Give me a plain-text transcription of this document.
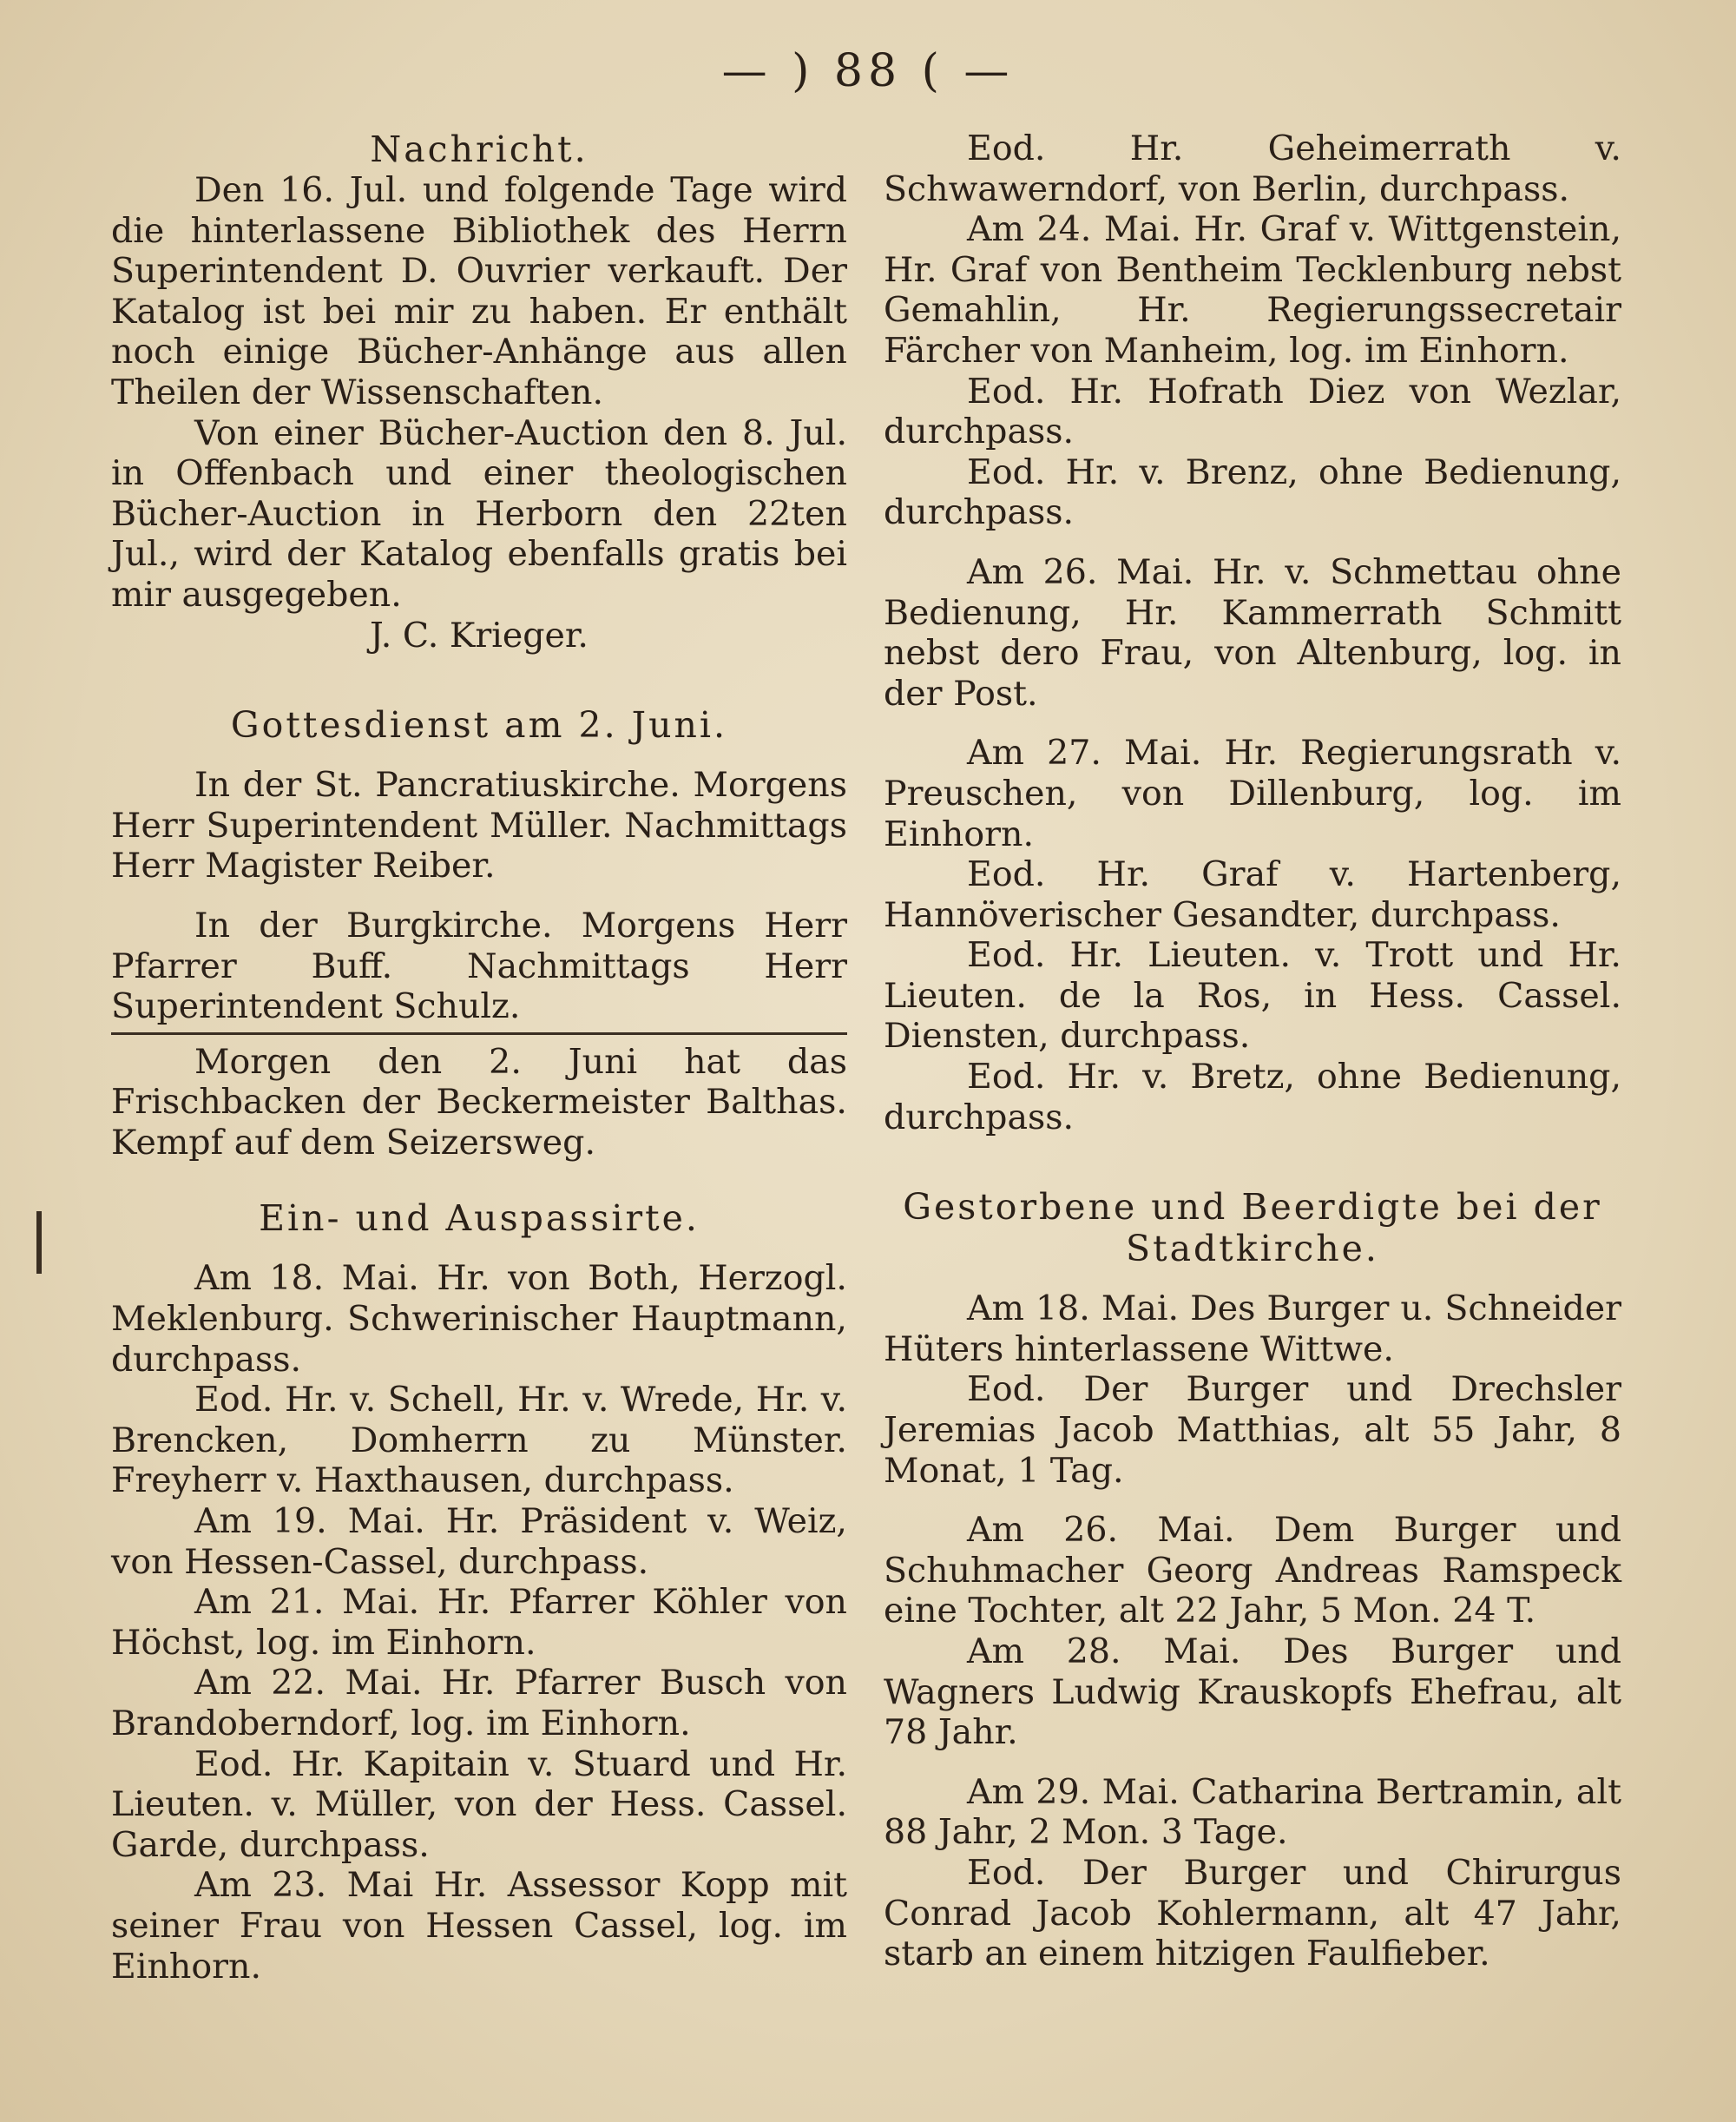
— ) 88 ( —

Nachricht.

Den 16. Jul. und folgende Tage wird die hinterlassene Bibliothek des Herrn Superintendent D. Ouvrier verkauft. Der Katalog ist bei mir zu haben. Er enthält noch einige Bücher-Anhänge aus allen Theilen der Wissenschaften.

Von einer Bücher-Auction den 8. Jul. in Offenbach und einer theologischen Bücher-Auction in Herborn den 22ten Jul., wird der Katalog ebenfalls gratis bei mir ausgegeben.

J. C. Krieger.

Gottesdienst am 2. Juni.

In der St. Pancratiuskirche. Morgens Herr Superintendent Müller. Nachmittags Herr Magister Reiber.

In der Burgkirche. Morgens Herr Pfarrer Buff. Nachmittags Herr Superintendent Schulz.

Morgen den 2. Juni hat das Frischbacken der Beckermeister Balthas. Kempf auf dem Seizersweg.

Ein- und Auspassirte.

Am 18. Mai. Hr. von Both, Herzogl. Meklenburg. Schwerinischer Hauptmann, durchpass.

Eod. Hr. v. Schell, Hr. v. Wrede, Hr. v. Brencken, Domherrn zu Münster. Freyherr v. Haxthausen, durchpass.

Am 19. Mai. Hr. Präsident v. Weiz, von Hessen-Cassel, durchpass.

Am 21. Mai. Hr. Pfarrer Köhler von Höchst, log. im Einhorn.

Am 22. Mai. Hr. Pfarrer Busch von Brandoberndorf, log. im Einhorn.

Eod. Hr. Kapitain v. Stuard und Hr. Lieuten. v. Müller, von der Hess. Cassel. Garde, durchpass.

Am 23. Mai Hr. Assessor Kopp mit seiner Frau von Hessen Cassel, log. im Einhorn.

Eod. Hr. Geheimerrath v. Schwawerndorf, von Berlin, durchpass.

Am 24. Mai. Hr. Graf v. Wittgenstein, Hr. Graf von Bentheim Tecklenburg nebst Gemahlin, Hr. Regierungssecretair Färcher von Manheim, log. im Einhorn.

Eod. Hr. Hofrath Diez von Wezlar, durchpass.

Eod. Hr. v. Brenz, ohne Bedienung, durchpass.

Am 26. Mai. Hr. v. Schmettau ohne Bedienung, Hr. Kammerrath Schmitt nebst dero Frau, von Altenburg, log. in der Post.

Am 27. Mai. Hr. Regierungsrath v. Preuschen, von Dillenburg, log. im Einhorn.

Eod. Hr. Graf v. Hartenberg, Hannöverischer Gesandter, durchpass.

Eod. Hr. Lieuten. v. Trott und Hr. Lieuten. de la Ros, in Hess. Cassel. Diensten, durchpass.

Eod. Hr. v. Bretz, ohne Bedienung, durchpass.

Gestorbene und Beerdigte bei der

Stadtkirche.

Am 18. Mai. Des Burger u. Schneider Hüters hinterlassene Wittwe.

Eod. Der Burger und Drechsler Jeremias Jacob Matthias, alt 55 Jahr, 8 Monat, 1 Tag.

Am 26. Mai. Dem Burger und Schuhmacher Georg Andreas Ramspeck eine Tochter, alt 22 Jahr, 5 Mon. 24 T.

Am 28. Mai. Des Burger und Wagners Ludwig Krauskopfs Ehefrau, alt 78 Jahr.

Am 29. Mai. Catharina Bertramin, alt 88 Jahr, 2 Mon. 3 Tage.

Eod. Der Burger und Chirurgus Conrad Jacob Kohlermann, alt 47 Jahr, starb an einem hitzigen Faulfieber.
